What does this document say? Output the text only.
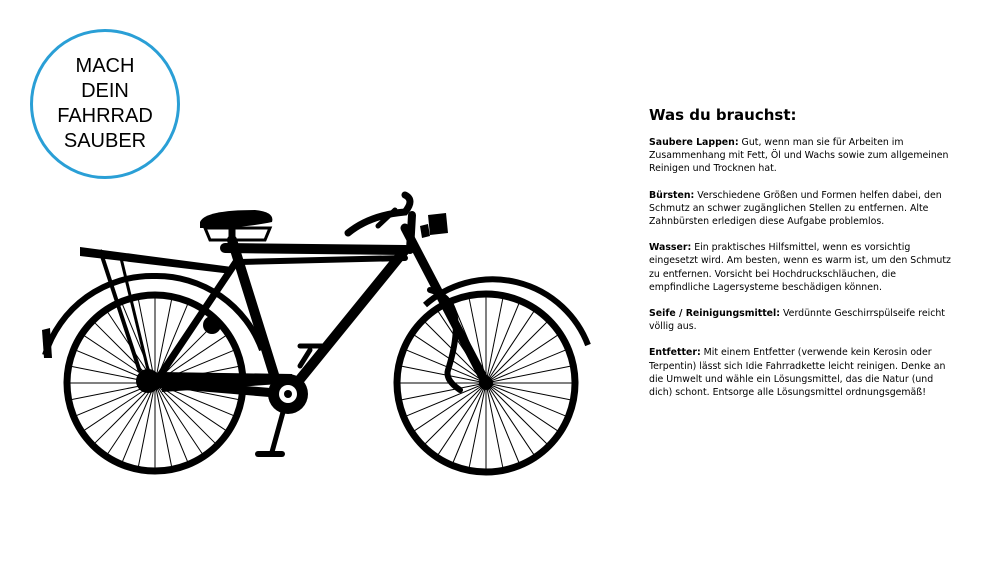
MACH
DEIN
FAHRRAD
SAUBER
Was du brauchst:

Saubere Lappen: Gut, wenn man sie für Arbeiten im Zusammenhang mit Fett, Öl und Wachs sowie zum allgemeinen Reinigen und Trocknen hat.

Bürsten: Verschiedene Größen und Formen helfen dabei, den Schmutz an schwer zugänglichen Stellen zu entfernen. Alte Zahnbürsten erledigen diese Aufgabe problemlos.

Wasser: Ein praktisches Hilfsmittel, wenn es vorsichtig eingesetzt wird. Am besten, wenn es warm ist, um den Schmutz zu entfernen. Vorsicht bei Hochdruckschläuchen, die empfindliche Lagersysteme beschädigen können.

Seife / Reinigungsmittel: Verdünnte Geschirrspülseife reicht völlig aus.

Entfetter: Mit einem Entfetter (verwende kein Kerosin oder Terpentin) lässt sich Idie Fahrradkette leicht reinigen. Denke an die Umwelt und wähle ein Lösungsmittel, das die Natur (und dich) schont. Entsorge alle Lösungsmittel ordnungsgemäß!
